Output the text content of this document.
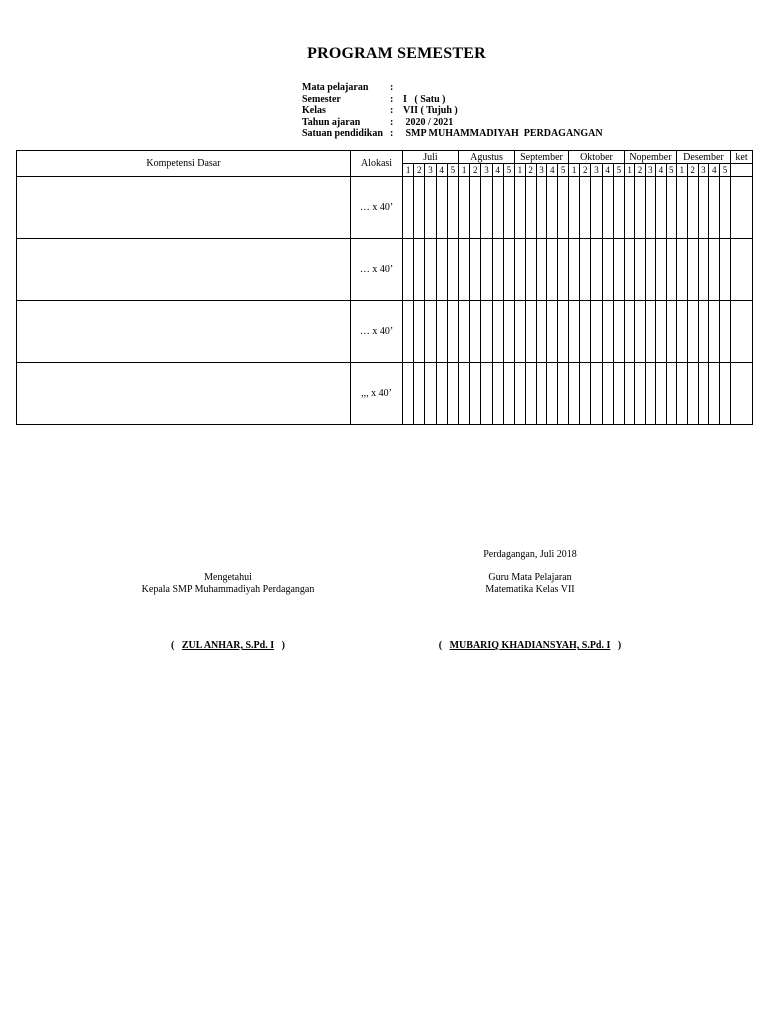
PROGRAM SEMESTER
Mata pelajaran	:
Semester	: I   ( Satu )
Kelas	: VII ( Tujuh )
Tahun ajaran	: 2020 / 2021
Satuan pendidikan : SMP MUHAMMADIYAH  PERDAGANGAN
Kompetensi Dasar	Alokasi	Juli					Agustus					September					Oktober					Nopember					Desember					ket
		1	2	3	4	5	1	2	3	4	5	1	2	3	4	5	1	2	3	4	5	1	2	3	4	5	1	2	3	4	5	
	… x 40’																															
	… x 40’																															
	… x 40’																															
	,,, x 40’																															
Perdagangan, Juli 2018
Mengetahui
Kepala SMP Muhammadiyah Perdagangan
Guru Mata Pelajaran
Matematika Kelas VII
( ZUL ANHAR, S.Pd. I )	( MUBARIQ KHADIANSYAH, S.Pd. I )
